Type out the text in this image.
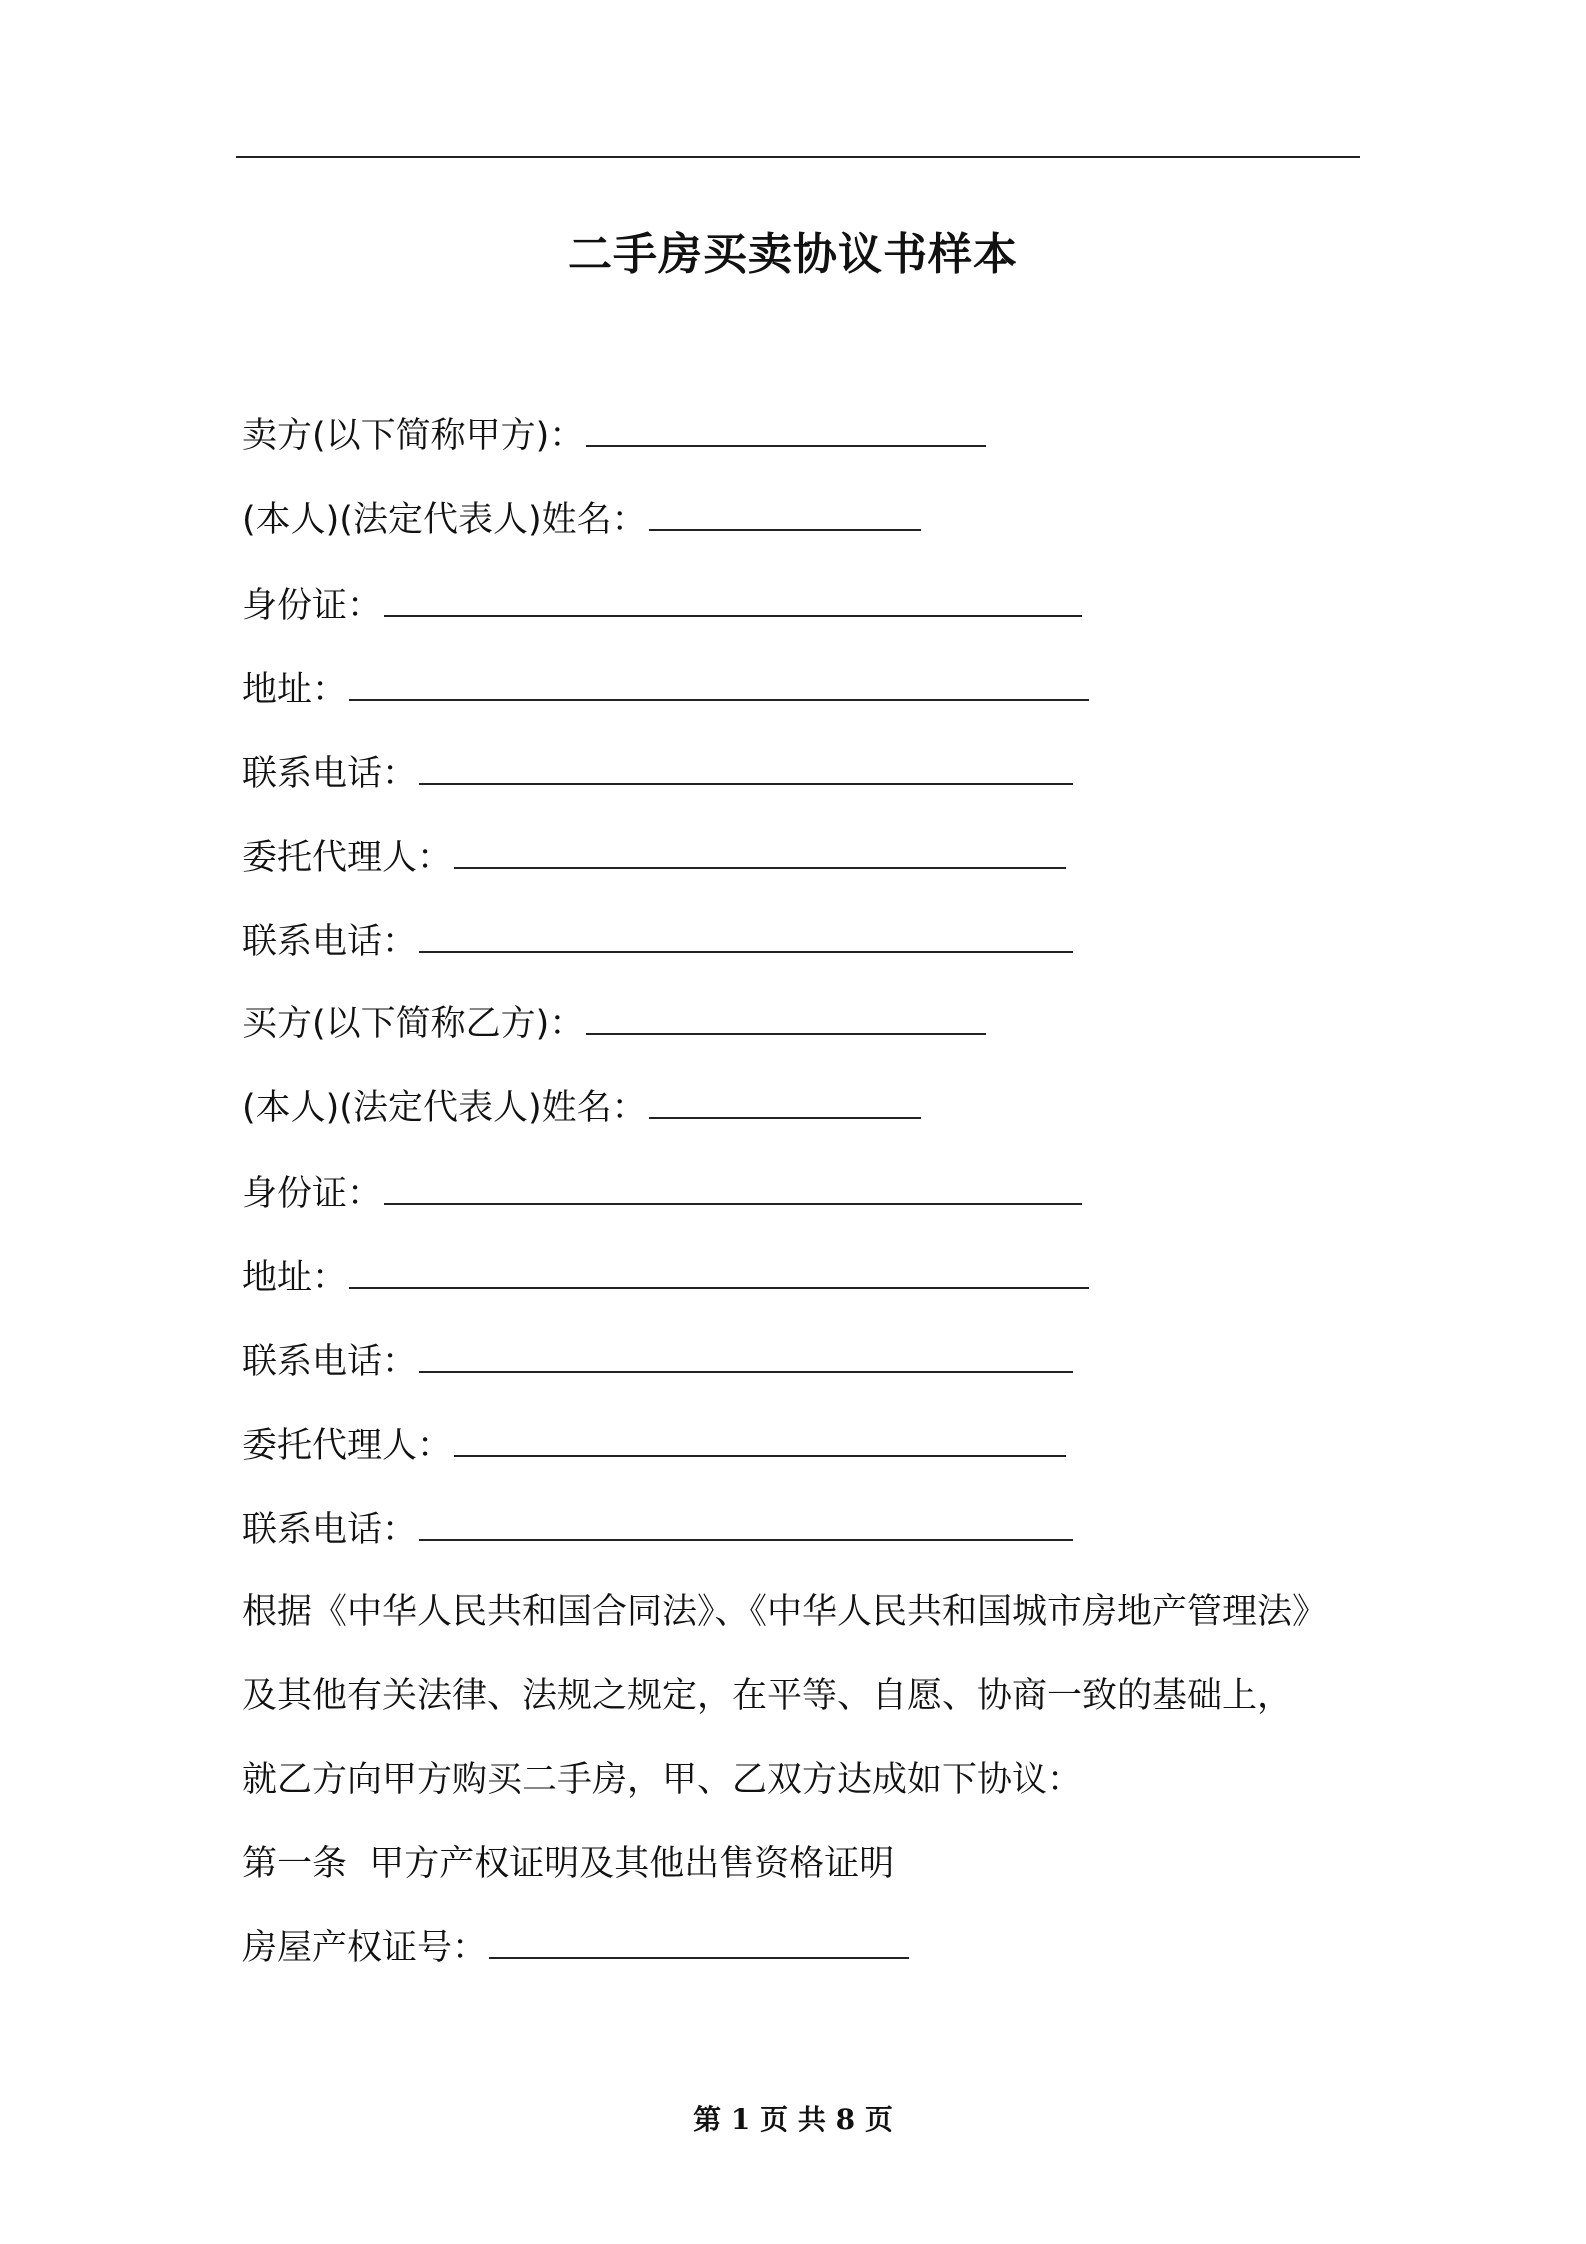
二手房买卖协议书样本
卖方(以下简称甲方)：
(本人)(法定代表人)姓名：
身份证：
地址：
联系电话：
委托代理人：
联系电话：
买方(以下简称乙方)：
(本人)(法定代表人)姓名：
身份证：
地址：
联系电话：
委托代理人：
联系电话：
根据《中华人民共和国合同法》、《中华人民共和国城市房地产管理法》
及其他有关法律、法规之规定，在平等、自愿、协商一致的基础上，
就乙方向甲方购买二手房，甲、乙双方达成如下协议：
第一条  甲方产权证明及其他出售资格证明
房屋产权证号：
第 1 页 共 8 页
